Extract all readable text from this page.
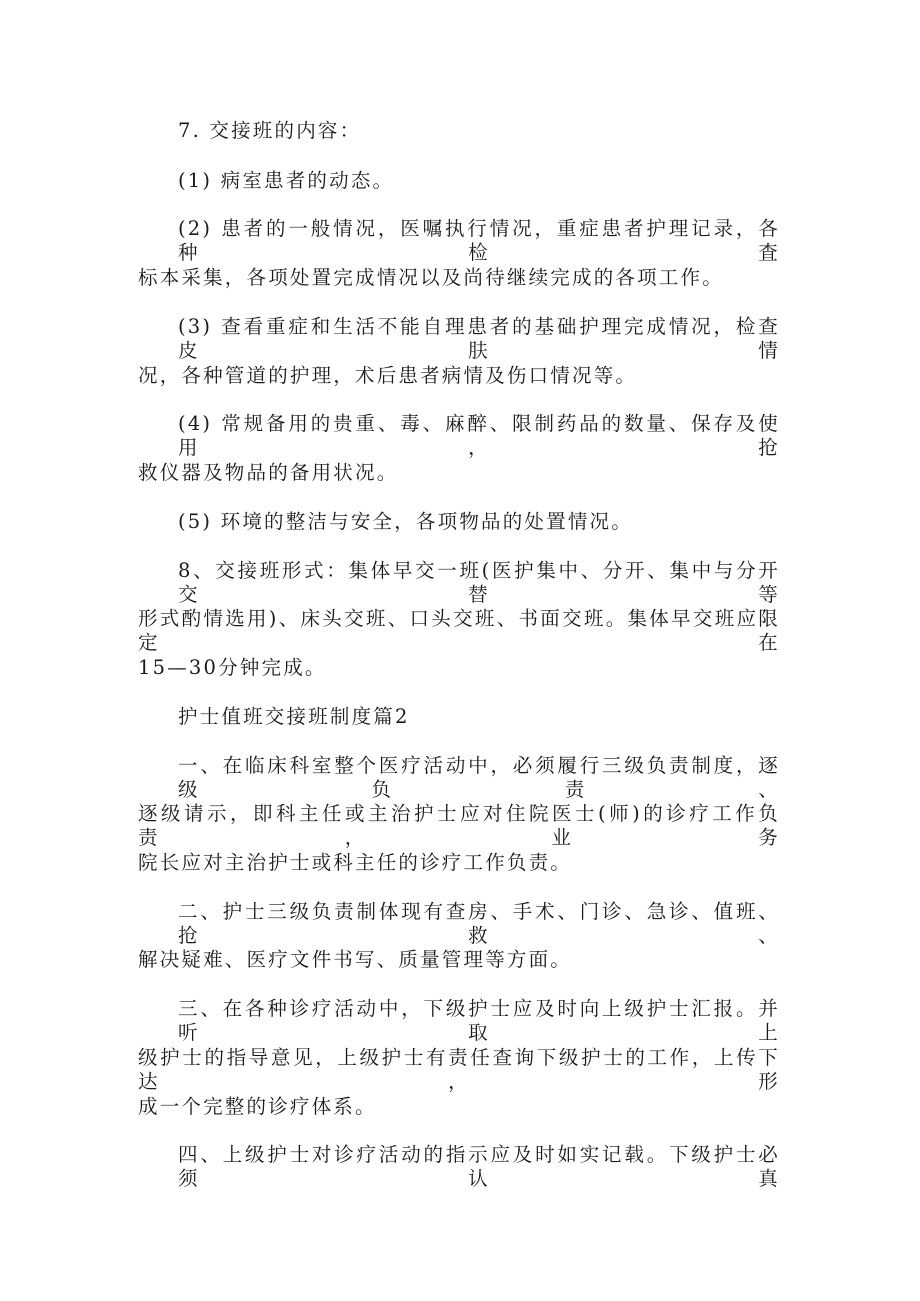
7. 交接班的内容：
(1) 病室患者的动态。
(2) 患者的一般情况，医嘱执行情况，重症患者护理记录，各种检査
标本采集，各项处置完成情况以及尚待继续完成的各项工作。
(3) 查看重症和生活不能自理患者的基础护理完成情况，检查皮肤情
况，各种管道的护理，术后患者病情及伤口情况等。
(4) 常规备用的贵重、毒、麻醉、限制药品的数量、保存及使用，抢
救仪器及物品的备用状况。
(5) 环境的整洁与安全，各项物品的处置情况。
8、交接班形式：集体早交一班(医护集中、分开、集中与分开交替等
形式酌情选用)、床头交班、口头交班、书面交班。集体早交班应限定在
15—30分钟完成。
护士值班交接班制度篇2
一、在临床科室整个医疗活动中，必须履行三级负责制度，逐级负责、
逐级请示，即科主任或主治护士应对住院医士(师)的诊疗工作负责，业务
院长应对主治护士或科主任的诊疗工作负责。
二、护士三级负责制体现有查房、手术、门诊、急诊、值班、抢救、
解决疑难、医疗文件书写、质量管理等方面。
三、在各种诊疗活动中，下级护士应及时向上级护士汇报。并听取上
级护士的指导意见，上级护士有责任查询下级护士的工作，上传下达，形
成一个完整的诊疗体系。
四、上级护士对诊疗活动的指示应及时如实记载。下级护士必须认真
